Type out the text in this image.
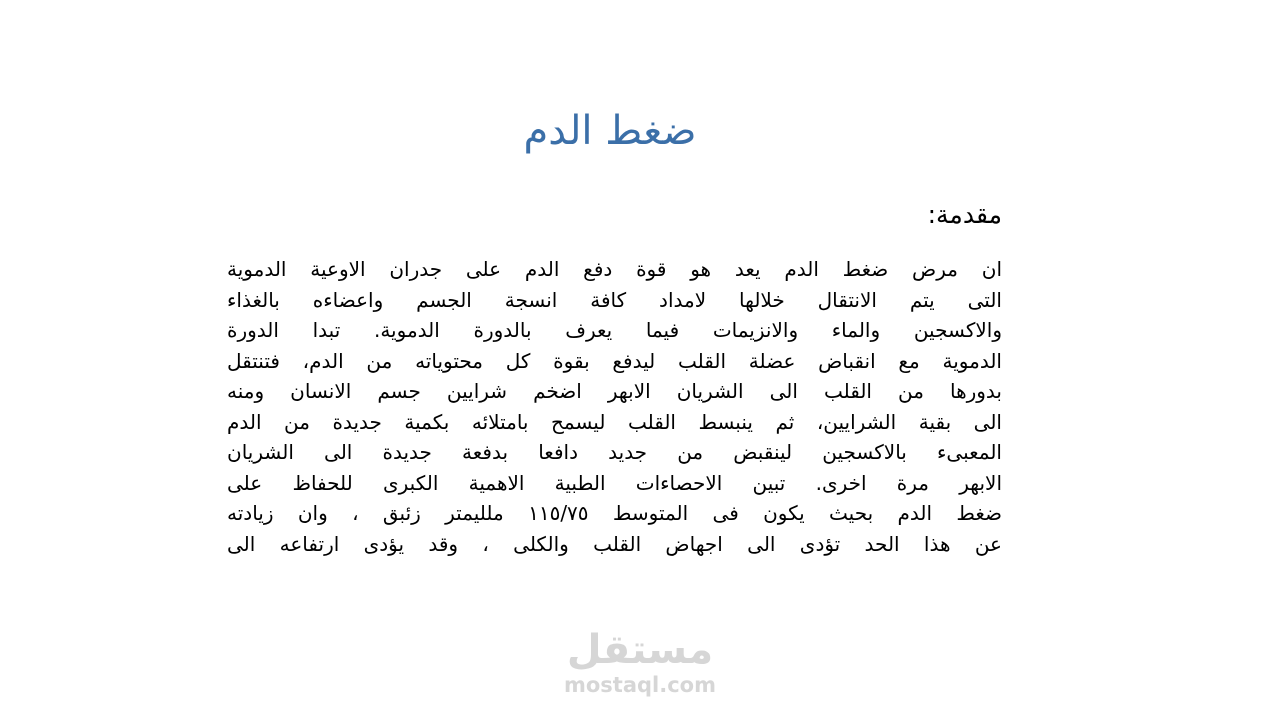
ضغط الدم
مقدمة:
ان مرض ضغط الدم يعد هو قوة دفع الدم على جدران الاوعية الدموية
التى يتم الانتقال خلالها لامداد كافة انسجة الجسم واعضاءه بالغذاء
والاكسجين والماء والانزيمات فيما يعرف بالدورة الدموية. تبدا الدورة
الدموية مع انقباض عضلة القلب ليدفع بقوة كل محتوياته من الدم، فتنتقل
بدورها من القلب الى الشريان الابهر اضخم شرايين جسم الانسان ومنه
الى بقية الشرايين، ثم ينبسط القلب ليسمح بامتلائه بكمية جديدة من الدم
المعبىء بالاكسجين لينقبض من جديد دافعا بدفعة جديدة الى الشريان
الابهر مرة اخرى. تبين الاحصاءات الطبية الاهمية الكبرى للحفاظ على
ضغط الدم بحيث يكون فى المتوسط ١١٥/٧٥ ملليمتر زئبق ، وان زيادته
عن هذا الحد تؤدى الى اجهاض القلب والكلى ، وقد يؤدى ارتفاعه الى
مستقل
mostaql.com
